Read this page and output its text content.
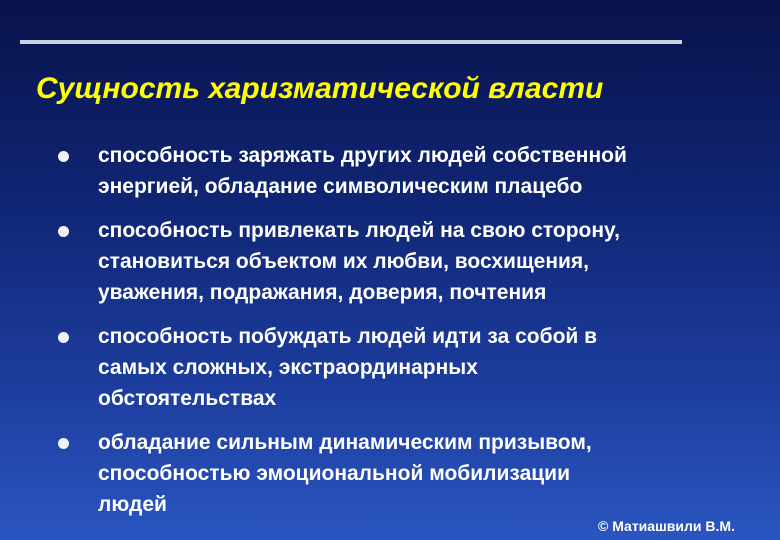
Сущность харизматической власти
способность заряжать других людей собственной
энергией, обладание символическим плацебо
способность привлекать людей на свою сторону,
становиться объектом их любви, восхищения,
уважения, подражания, доверия, почтения
способность побуждать людей идти за собой в
самых сложных, экстраординарных
обстоятельствах
обладание сильным динамическим призывом,
способностью эмоциональной мобилизации
людей
© Матиашвили В.М.
